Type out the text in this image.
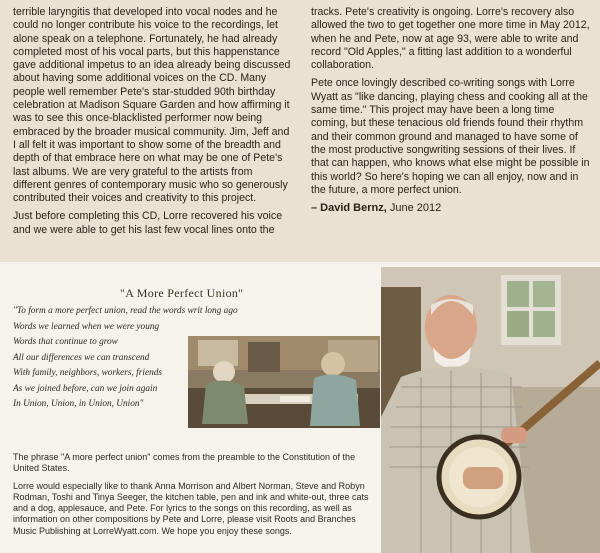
terrible laryngitis that developed into vocal nodes and he could no longer contribute his voice to the recordings, let alone speak on a telephone. Fortunately, he had already completed most of his vocal parts, but this happenstance gave additional impetus to an idea already being discussed about having some additional voices on the CD. Many people well remember Pete's star-studded 90th birthday celebration at Madison Square Garden and how affirming it was to see this once-blacklisted performer now being embraced by the broader musical community. Jim, Jeff and I all felt it was important to show some of the breadth and depth of that embrace here on what may be one of Pete's last albums. We are very grateful to the artists from different genres of contemporary music who so generously contributed their voices and creativity to this project.

Just before completing this CD, Lorre recovered his voice and we were able to get his last few vocal lines onto the

tracks. Pete's creativity is ongoing. Lorre's recovery also allowed the two to get together one more time in May 2012, when he and Pete, now at age 93, were able to write and record "Old Apples," a fitting last addition to a wonderful collaboration.

Pete once lovingly described co-writing songs with Lorre Wyatt as "like dancing, playing chess and cooking all at the same time." This project may have been a long time coming, but these tenacious old friends found their rhythm and their common ground and managed to have some of the most productive songwriting sessions of their lives. If that can happen, who knows what else might be possible in this world? So here's hoping we can all enjoy, now and in the future, a more perfect union.

– David Bernz, June 2012
"A More Perfect Union"
"To form a more perfect union, read the words writ long ago
Words we learned when we were young
Words that continue to grow
All our differences we can transcend
With family, neighbors, workers, friends
As we joined before, can we join again
In Union, Union, in Union, Union"

The phrase "A more perfect union" comes from the preamble to the Constitution of the United States.

Lorre would especially like to thank Anna Morrison and Albert Norman, Steve and Robyn Rodman, Toshi and Tinya Seeger, the kitchen table, pen and ink and white-out, three cats and a dog, applesauce, and Pete. For lyrics to the songs on this recording, as well as information on other compositions by Pete and Lorre, please visit Roots and Branches Music Publishing at LorreWyatt.com. We hope you enjoy these songs.
